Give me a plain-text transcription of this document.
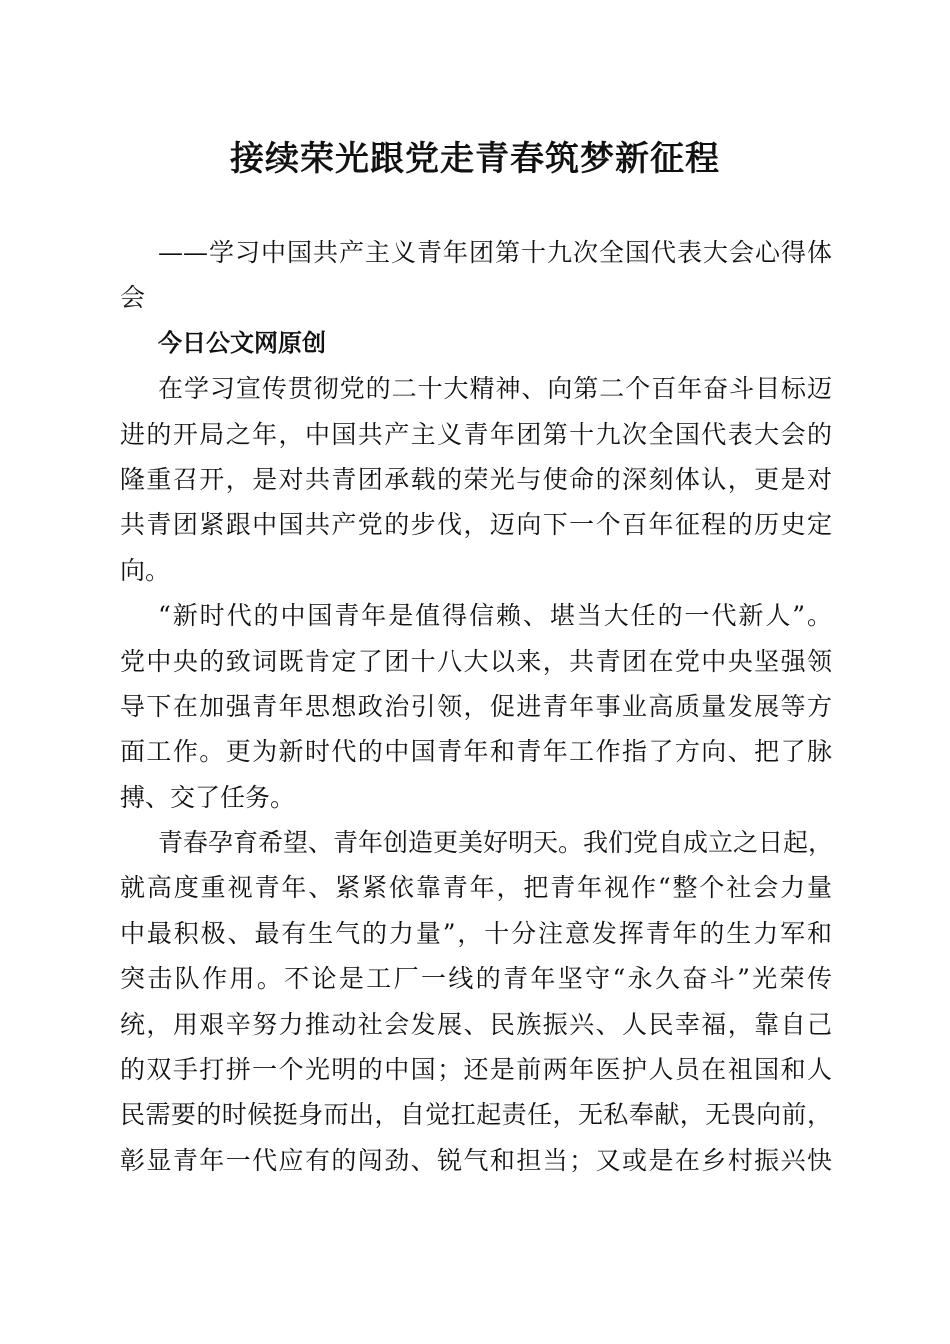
接续荣光跟党走青春筑梦新征程
——学习中国共产主义青年团第十九次全国代表大会心得体
会
今日公文网原创
在学习宣传贯彻党的二十大精神、向第二个百年奋斗目标迈
进的开局之年，中国共产主义青年团第十九次全国代表大会的
隆重召开，是对共青团承载的荣光与使命的深刻体认，更是对
共青团紧跟中国共产党的步伐，迈向下一个百年征程的历史定
向。
“新时代的中国青年是值得信赖、堪当大任的一代新人”。
党中央的致词既肯定了团十八大以来，共青团在党中央坚强领
导下在加强青年思想政治引领，促进青年事业高质量发展等方
面工作。更为新时代的中国青年和青年工作指了方向、把了脉
搏、交了任务。
青春孕育希望、青年创造更美好明天。我们党自成立之日起，
就高度重视青年、紧紧依靠青年，把青年视作“整个社会力量
中最积极、最有生气的力量”，十分注意发挥青年的生力军和
突击队作用。不论是工厂一线的青年坚守“永久奋斗”光荣传
统，用艰辛努力推动社会发展、民族振兴、人民幸福，靠自己
的双手打拼一个光明的中国；还是前两年医护人员在祖国和人
民需要的时候挺身而出，自觉扛起责任，无私奉献，无畏向前，
彰显青年一代应有的闯劲、锐气和担当；又或是在乡村振兴快
